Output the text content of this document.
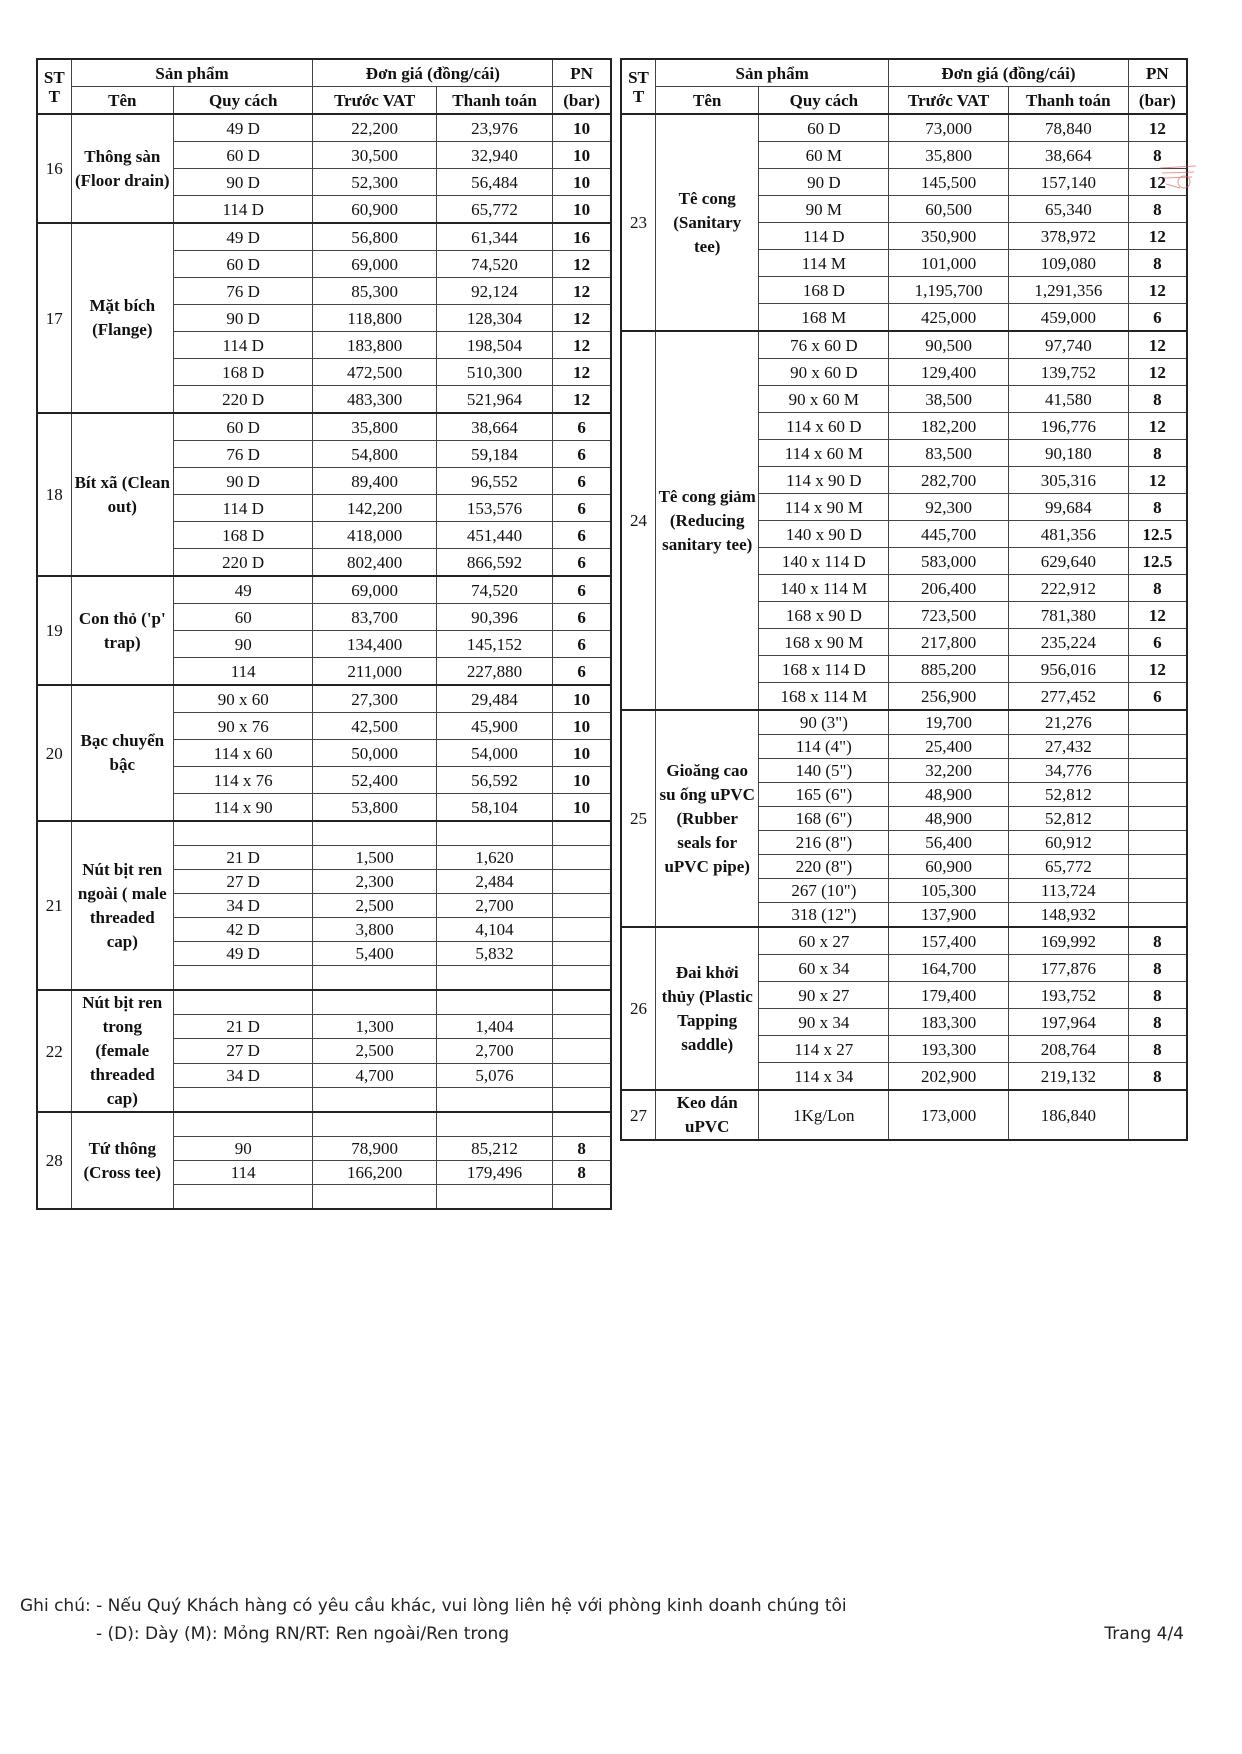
ST T	Sản phẩm		Đơn giá (đồng/cái)		PN
	Tên	Quy cách	Trước VAT	Thanh toán	(bar)
16	Thông sàn (Floor drain)	49 D	22,200	23,976	10
		60 D	30,500	32,940	10
		90 D	52,300	56,484	10
		114 D	60,900	65,772	10
17	Mặt bích (Flange)	49 D	56,800	61,344	16
		60 D	69,000	74,520	12
		76 D	85,300	92,124	12
		90 D	118,800	128,304	12
		114 D	183,800	198,504	12
		168 D	472,500	510,300	12
		220 D	483,300	521,964	12
18	Bít xã (Clean out)	60 D	35,800	38,664	6
		76 D	54,800	59,184	6
		90 D	89,400	96,552	6
		114 D	142,200	153,576	6
		168 D	418,000	451,440	6
		220 D	802,400	866,592	6
19	Con thỏ ('p' trap)	49	69,000	74,520	6
		60	83,700	90,396	6
		90	134,400	145,152	6
		114	211,000	227,880	6
20	Bạc chuyển bậc	90 x 60	27,300	29,484	10
		90 x 76	42,500	45,900	10
		114 x 60	50,000	54,000	10
		114 x 76	52,400	56,592	10
		114 x 90	53,800	58,104	10
21	Nút bịt ren ngoài ( male threaded cap)				
		21 D	1,500	1,620	
		27 D	2,300	2,484	
		34 D	2,500	2,700	
		42 D	3,800	4,104	
		49 D	5,400	5,832	

22	Nút bịt ren trong (female threaded cap)				
		21 D	1,300	1,404	
		27 D	2,500	2,700	
		34 D	4,700	5,076	

28	Tứ thông (Cross tee)				
		90	78,900	85,212	8
		114	166,200	179,496	8

ST T	Sản phẩm		Đơn giá (đồng/cái)		PN
	Tên	Quy cách	Trước VAT	Thanh toán	(bar)
23	Tê cong (Sanitary tee)	60 D	73,000	78,840	12
		60 M	35,800	38,664	8
		90 D	145,500	157,140	12
		90 M	60,500	65,340	8
		114 D	350,900	378,972	12
		114 M	101,000	109,080	8
		168 D	1,195,700	1,291,356	12
		168 M	425,000	459,000	6
24	Tê cong giảm (Reducing sanitary tee)	76 x 60 D	90,500	97,740	12
		90 x 60 D	129,400	139,752	12
		90 x 60 M	38,500	41,580	8
		114 x 60 D	182,200	196,776	12
		114 x 60 M	83,500	90,180	8
		114 x 90 D	282,700	305,316	12
		114 x 90 M	92,300	99,684	8
		140 x 90 D	445,700	481,356	12.5
		140 x 114 D	583,000	629,640	12.5
		140 x 114 M	206,400	222,912	8
		168 x 90 D	723,500	781,380	12
		168 x 90 M	217,800	235,224	6
		168 x 114 D	885,200	956,016	12
		168 x 114 M	256,900	277,452	6
25	Gioăng cao su ống uPVC (Rubber seals for uPVC pipe)	90 (3")	19,700	21,276	
		114 (4")	25,400	27,432	
		140 (5")	32,200	34,776	
		165 (6")	48,900	52,812	
		168 (6")	48,900	52,812	
		216 (8")	56,400	60,912	
		220 (8")	60,900	65,772	
		267 (10")	105,300	113,724	
		318 (12")	137,900	148,932	
26	Đai khởi thủy (Plastic Tapping saddle)	60 x 27	157,400	169,992	8
		60 x 34	164,700	177,876	8
		90 x 27	179,400	193,752	8
		90 x 34	183,300	197,964	8
		114 x 27	193,300	208,764	8
		114 x 34	202,900	219,132	8
27	Keo dán uPVC	1Kg/Lon	173,000	186,840	
Ghi chú: - Nếu Quý Khách hàng có yêu cầu khác, vui lòng liên hệ với phòng kinh doanh chúng tôi
- (D): Dày (M): Mỏng RN/RT: Ren ngoài/Ren trong	Trang 4/4
